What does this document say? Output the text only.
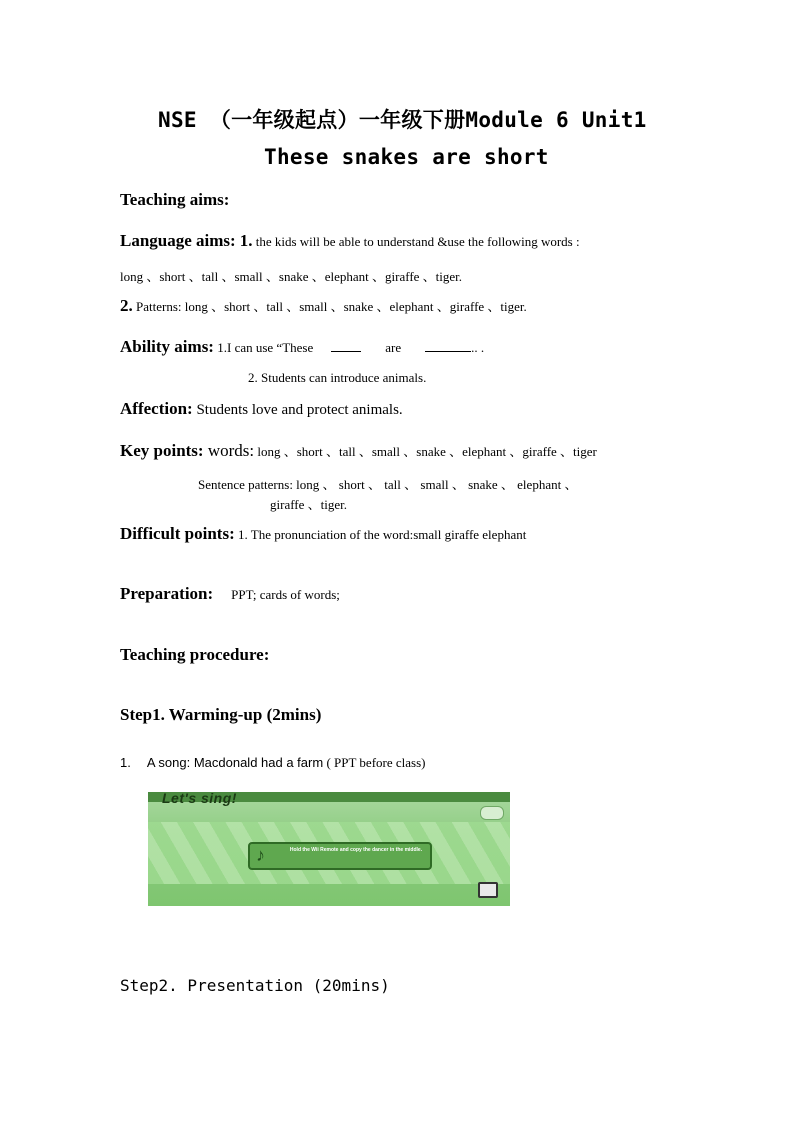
NSE （一年级起点）一年级下册Module 6 Unit1
These snakes are short
Teaching aims:
Language aims: 1. the kids will be able to understand &use the following words :
long 、short 、tall 、small 、snake 、elephant 、giraffe 、tiger.
2. Patterns: long 、short 、tall 、small 、snake 、elephant 、giraffe 、tiger.
Ability aims: 1.I can use “These	are	.. .
2. Students can introduce animals.
Affection: Students love and protect animals.
Key points: words: long 、short 、tall 、small 、snake 、elephant 、giraffe 、tiger
Sentence patterns: long 、 short 、 tall 、 small 、 snake 、 elephant 、
giraffe 、tiger.
Difficult points: 1. The pronunciation of the word:small giraffe elephant
Preparation: PPT; cards of words;
Teaching procedure:
Step1. Warming-up (2mins)
1. A song: Macdonald had a farm ( PPT before class)
Let's sing!
♪	Hold the Wii Remote and copy the dancer in the middle.
Step2. Presentation (20mins)
